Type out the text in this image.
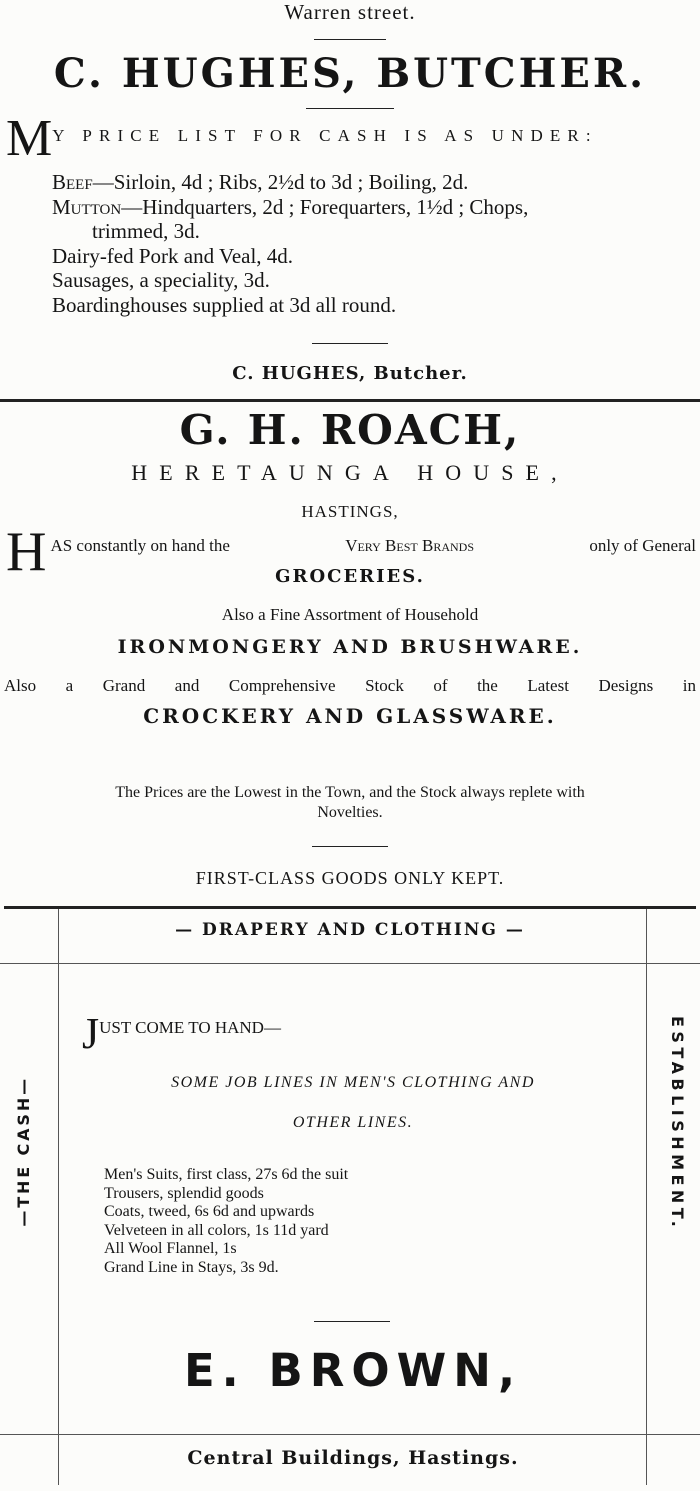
Warren street.
C. HUGHES, BUTCHER.
M Y PRICE LIST FOR CASH IS AS UNDER:

Beef—Sirloin, 4d ; Ribs, 2½d to 3d ; Boiling, 2d.

Mutton—Hindquarters, 2d ; Forequarters, 1½d ; Chops,

trimmed, 3d.

Dairy-fed Pork and Veal, 4d.

Sausages, a speciality, 3d.

Boardinghouses supplied at 3d all round.

C. HUGHES, Butcher.
G. H. ROACH,
HERETAUNGA HOUSE,
HASTINGS,
H AS constantly on hand the	Very Best Brands	only of General
GROCERIES.
Also a Fine Assortment of Household
IRONMONGERY AND BRUSHWARE.
Also a Grand and Comprehensive Stock of the Latest Designs in
CROCKERY AND GLASSWARE.
The Prices are the Lowest in the Town, and the Stock always replete with
Novelties.
FIRST-CLASS GOODS ONLY KEPT.
— DRAPERY AND CLOTHING —
—THE CASH—	ESTABLISHMENT.
J UST COME TO HAND—
SOME JOB LINES IN MEN'S CLOTHING AND
OTHER LINES.

Men's Suits, first class, 27s 6d the suit

Trousers, splendid goods

Coats, tweed, 6s 6d and upwards

Velveteen in all colors, 1s 11d yard

All Wool Flannel, 1s

Grand Line in Stays, 3s 9d.

E. BROWN,
Central Buildings, Hastings.
